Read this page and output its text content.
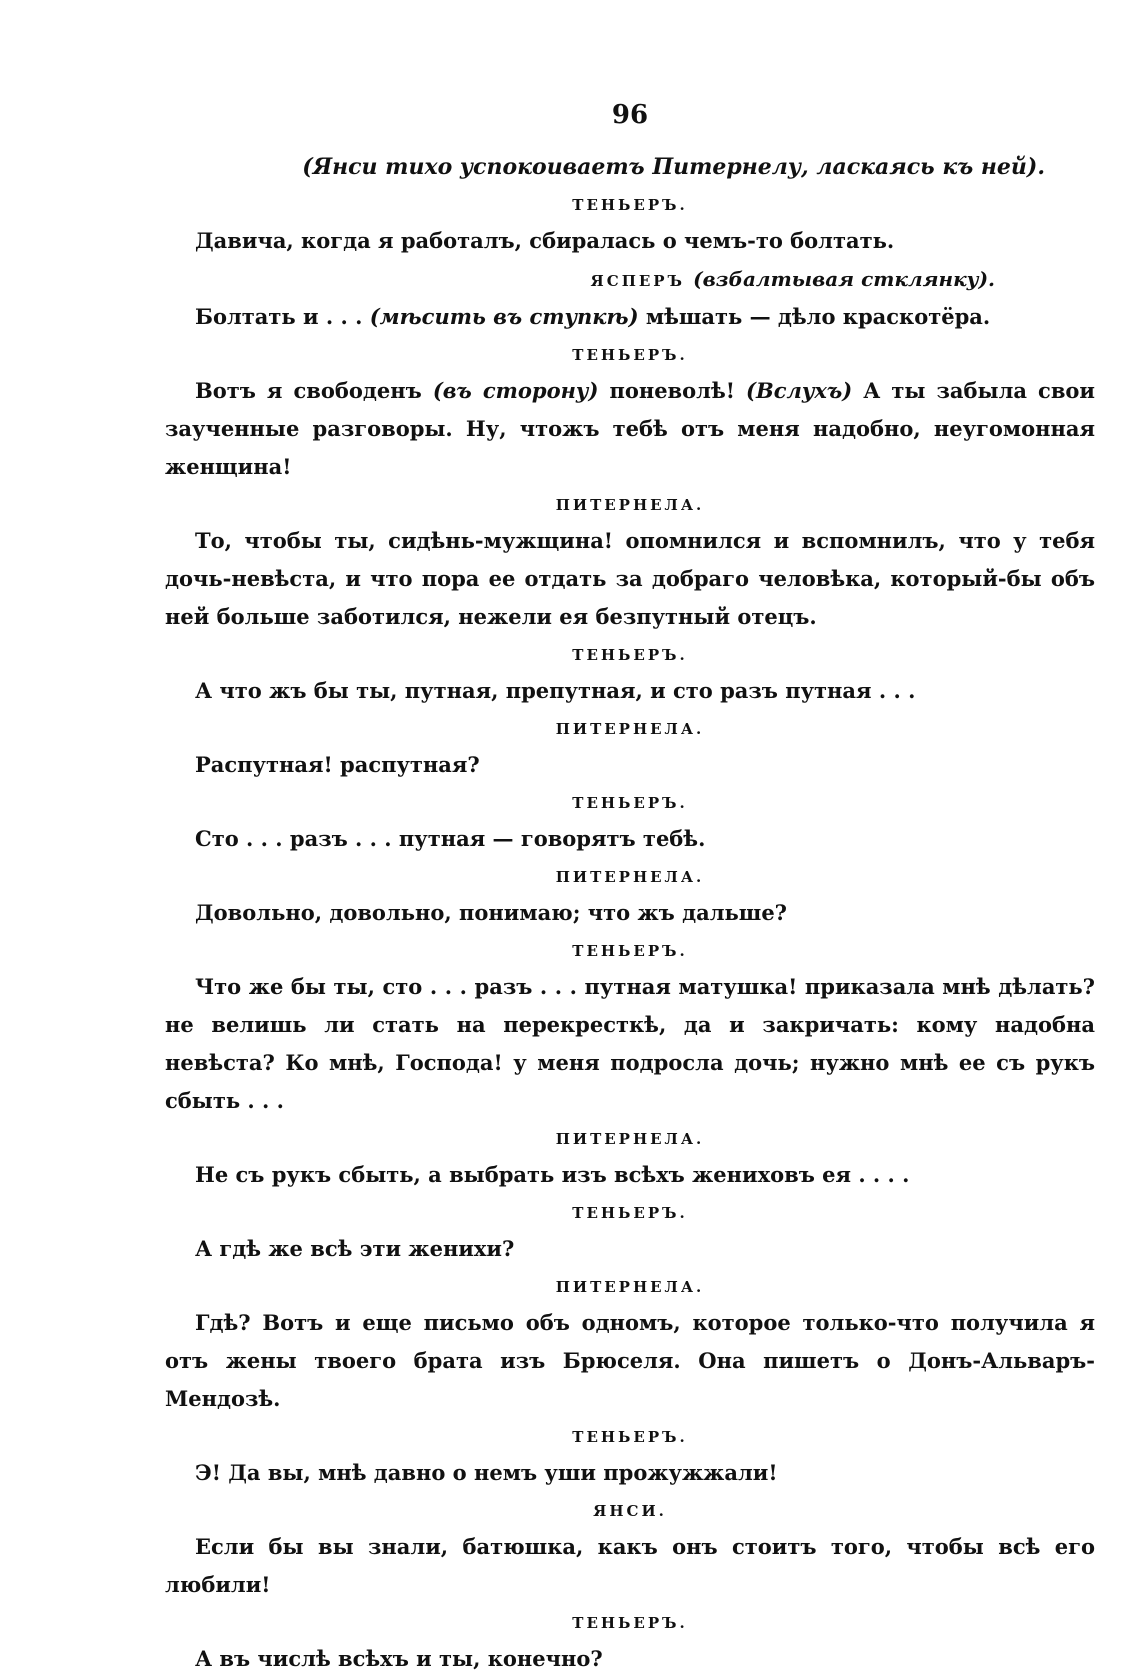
96
(Янси тихо успокоиваетъ Питернелу, ласкаясь къ ней).
ТЕНЬЕРЪ.
Давича, когда я работалъ, сбиралась о чемъ-то болтать.
ЯСПЕРЪ (взбалтывая стклянку).
Болтать и . . . (мѣсить въ ступкѣ) мѣшать — дѣло краскотёра.
ТЕНЬЕРЪ.
Вотъ я свободенъ (въ сторону) поневолѣ! (Вслухъ) А ты забыла свои заученные разговоры. Ну, чтожъ тебѣ отъ меня надобно, неугомонная женщина!
ПИТЕРНЕЛА.
То, чтобы ты, сидѣнь-мужщина! опомнился и вспомнилъ, что у тебя дочь-невѣста, и что пора ее отдать за добраго человѣка, который-бы объ ней больше заботился, нежели ея безпутный отецъ.
ТЕНЬЕРЪ.
А что жъ бы ты, путная, препутная, и сто разъ путная . . .
ПИТЕРНЕЛА.
Распутная! распутная?
ТЕНЬЕРЪ.
Сто . . . разъ . . . путная — говорятъ тебѣ.
ПИТЕРНЕЛА.
Довольно, довольно, понимаю; что жъ дальше?
ТЕНЬЕРЪ.
Что же бы ты, сто . . . разъ . . . путная матушка! приказала мнѣ дѣлать? не велишь ли стать на перекресткѣ, да и закричать: кому надобна невѣста? Ко мнѣ, Господа! у меня подросла дочь; нужно мнѣ ее съ рукъ сбыть . . .
ПИТЕРНЕЛА.
Не съ рукъ сбыть, а выбрать изъ всѣхъ жениховъ ея . . . .
ТЕНЬЕРЪ.
А гдѣ же всѣ эти женихи?
ПИТЕРНЕЛА.
Гдѣ? Вотъ и еще письмо объ одномъ, которое только-что получила я отъ жены твоего брата изъ Брюселя. Она пишетъ о Донъ-Альваръ-Мендозѣ.
ТЕНЬЕРЪ.
Э! Да вы, мнѣ давно о немъ уши прожужжали!
ЯНСИ.
Если бы вы знали, батюшка, какъ онъ стоитъ того, чтобы всѣ его любили!
ТЕНЬЕРЪ.
А въ числѣ всѣхъ и ты, конечно?
